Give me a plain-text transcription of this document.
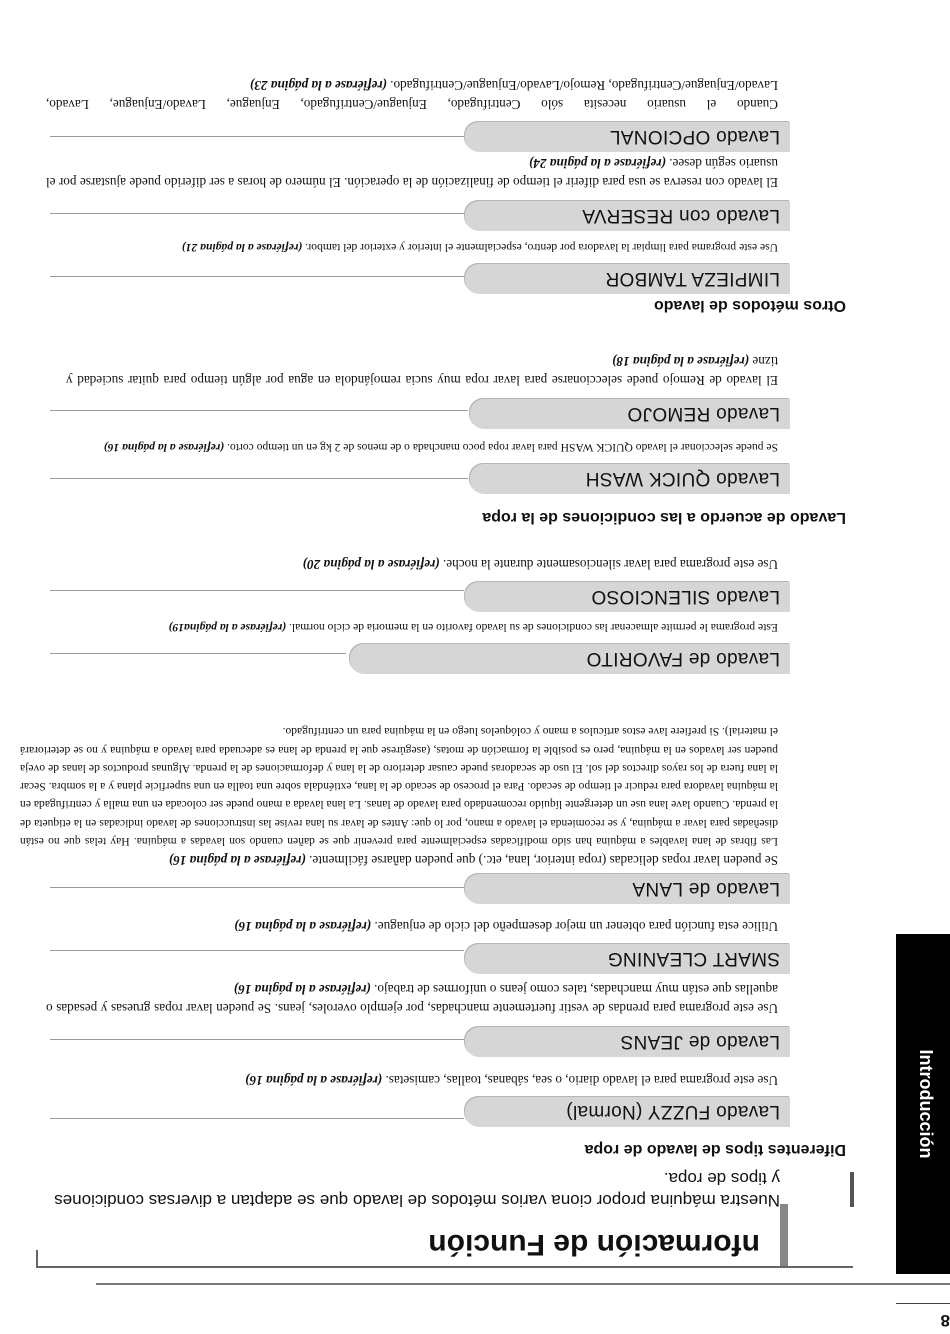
8
Introducción
nformación de Función
Nuestra máquina propor ciona varios métodos de lavado que se adaptan a diversas condiciones y tipos de ropa.
Diferentes tipos de lavado de ropa
Lavado FUZZY (Normal)
Use este programa para el lavado diario, o sea, sábanas, toallas, camisetas. (refiérase a la página 16)
Lavado de JEANS
Use este programa para prendas de vestir fuertemente manchadas, por ejemplo overoles, jeans. Se pueden lavar ropas gruesas y pesadas o aquellas que están muy manchadas, tales como jeans o uniformes de trabajo. (refiérase a la página 16)
SMART CLEANING
Utilice esta función para obtener un mejor desempeño del ciclo de enjuague. (refiérase a la página 16)
Lavado de LANA
Se pueden lavar ropas delicadas (ropa interior, lana, etc.) que pueden dañarse fácilmente. (refiérase a la página 16)
Las fibras de lana lavables a máquina han sido modificadas especialmente para prevenir que se dañen cuando son lavadas a máquina. Hay telas que no están diseñadas para lavar a máquina, y se recomienda el lavado a mano, por lo que: Antes de lavar su lana revise las instrucciones de lavado indicadas en la etiqueta de la prenda. Cuando lave lana use un detergente líquido recomendado para lavado de lanas. La lana lavada a mano puede ser colocada en una malla y centrifugada en la máquina lavadora para reducir el tiempo de secado. Para el proceso de secado de la lana, extiéndala sobre una toalla en una superficie plana y a la sombra. Secar la lana fuera de los rayos directos del sol. El uso de secadoras puede causar deterioro de la lana y deformaciones de la prenda. Algunas productos de lanas de oveja pueden ser lavados en la máquina, pero es posible la formación de motas, (asegúrese que la prenda de lana es adecuada para lavado a máquina y no se deteriorará el material). Si prefiere lave estos artículos a mano y colóquelos luego en la máquina para un centrifugado.
Lavado de FAVORITO
Este programa le permite almacenar las condiciones de su lavado favorito en la memoria de ciclo normal. (refiérase a la página19)
Lavado SILENCIOSO
Use este programa para lavar silenciosamente durante la noche. (refiérase a la página 20)
Lavado de acuerdo a las condiciones de la ropa
Lavado QUICK WASH
Se puede seleccionar el lavado QUICK WASH para lavar ropa poco manchada o de menos de 2 kg en un tiempo corto. (refiérase a la página 16)
Lavado REMOJO
El lavado de Remojo puede seleccionarse para lavar ropa muy sucia remojándola en agua por algún tiempo para quitar suciedad y tizne (refiérase a la página 18)
Otros métodos de lavado
LIMPIEZA TAMBOR
Use este programa para limpiar la lavadora por dentro, especialmente el interior y exterior del tambor. (refiérase a la página 21)
Lavado con RESERVA
El lavado con reserva se usa para diferir el tiempo de finalización de la operación. El número de horas a ser diferido puede ajustarse por el usuario según desee. (refiérase a la página 24)
Lavado OPCIONAL
Cuando el usuario necesita sólo Centrifugado, Enjuague/Centrifugado, Enjuague, Lavado/Enjuague, Lavado, Lavado/Enjuague/Centrifugado, Remojo/Lavado/Enjuague/Centrifugado. (refiérase a la página 23)
